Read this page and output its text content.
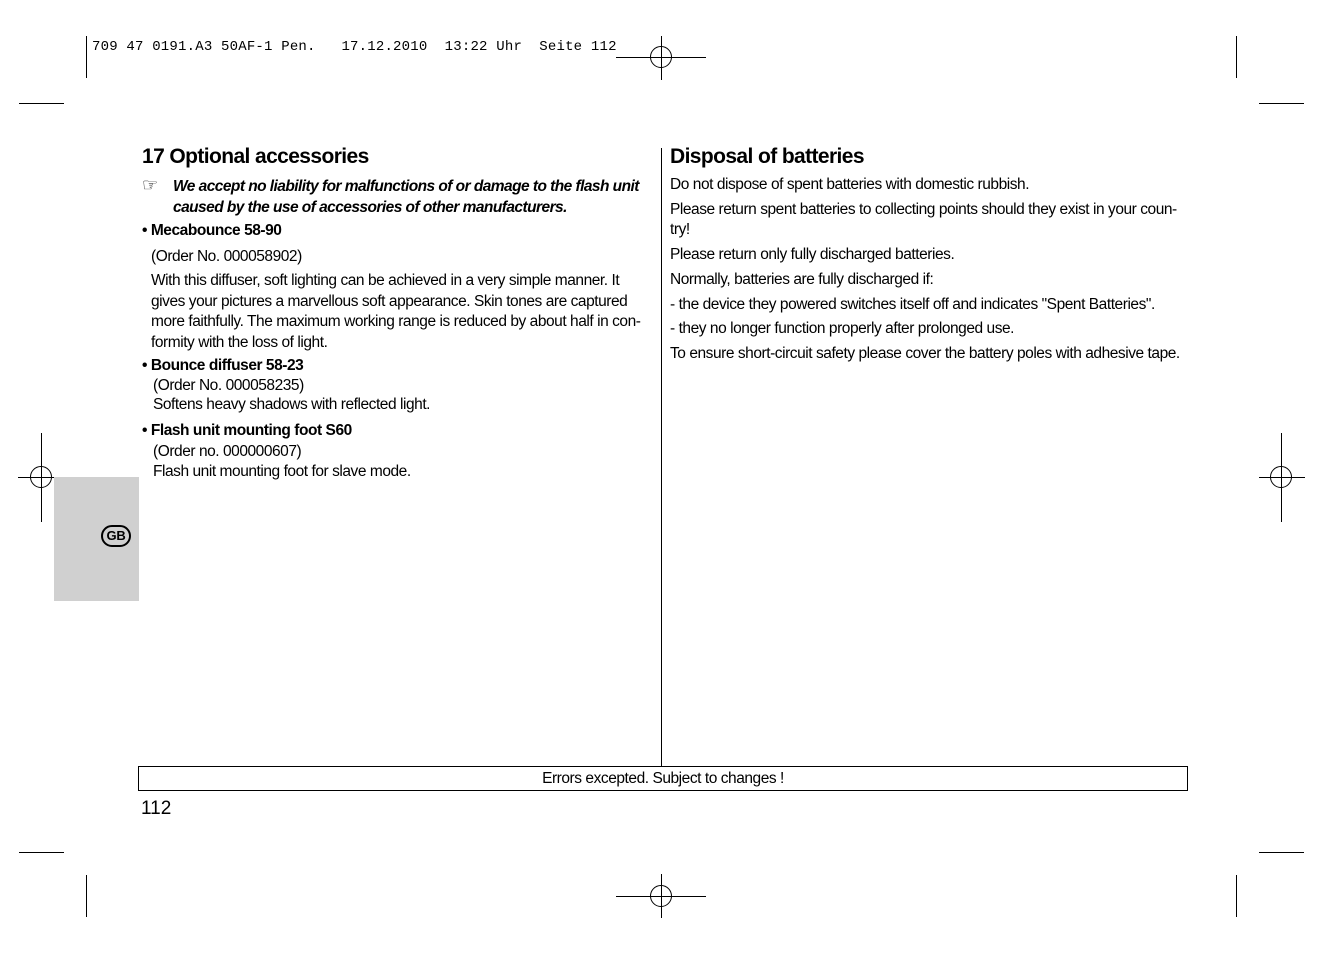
709 47 0191.A3 50AF-1 Pen.   17.12.2010  13:22 Uhr  Seite 112
GB
17 Optional accessories
☞ We accept no liability for malfunctions of or damage to the flash unit
caused by the use of accessories of other manufacturers.
• Mecabounce 58-90
(Order No. 000058902)
With this diffuser, soft lighting can be achieved in a very simple manner. It
gives your pictures a marvellous soft appearance. Skin tones are captured
more faithfully. The maximum working range is reduced by about half in con-
formity with the loss of light.
• Bounce diffuser 58-23
(Order No. 000058235)
Softens heavy shadows with reflected light.
• Flash unit mounting foot S60
(Order no. 000000607)
Flash unit mounting foot for slave mode.
Disposal of batteries
Do not dispose of spent batteries with domestic rubbish.
Please return spent batteries to collecting points should they exist in your coun-
try!
Please return only fully discharged batteries.
Normally, batteries are fully discharged if:
- the device they powered switches itself off and indicates "Spent Batteries".
- they no longer function properly after prolonged use.
To ensure short-circuit safety please cover the battery poles with adhesive tape.
Errors excepted. Subject to changes !
112
